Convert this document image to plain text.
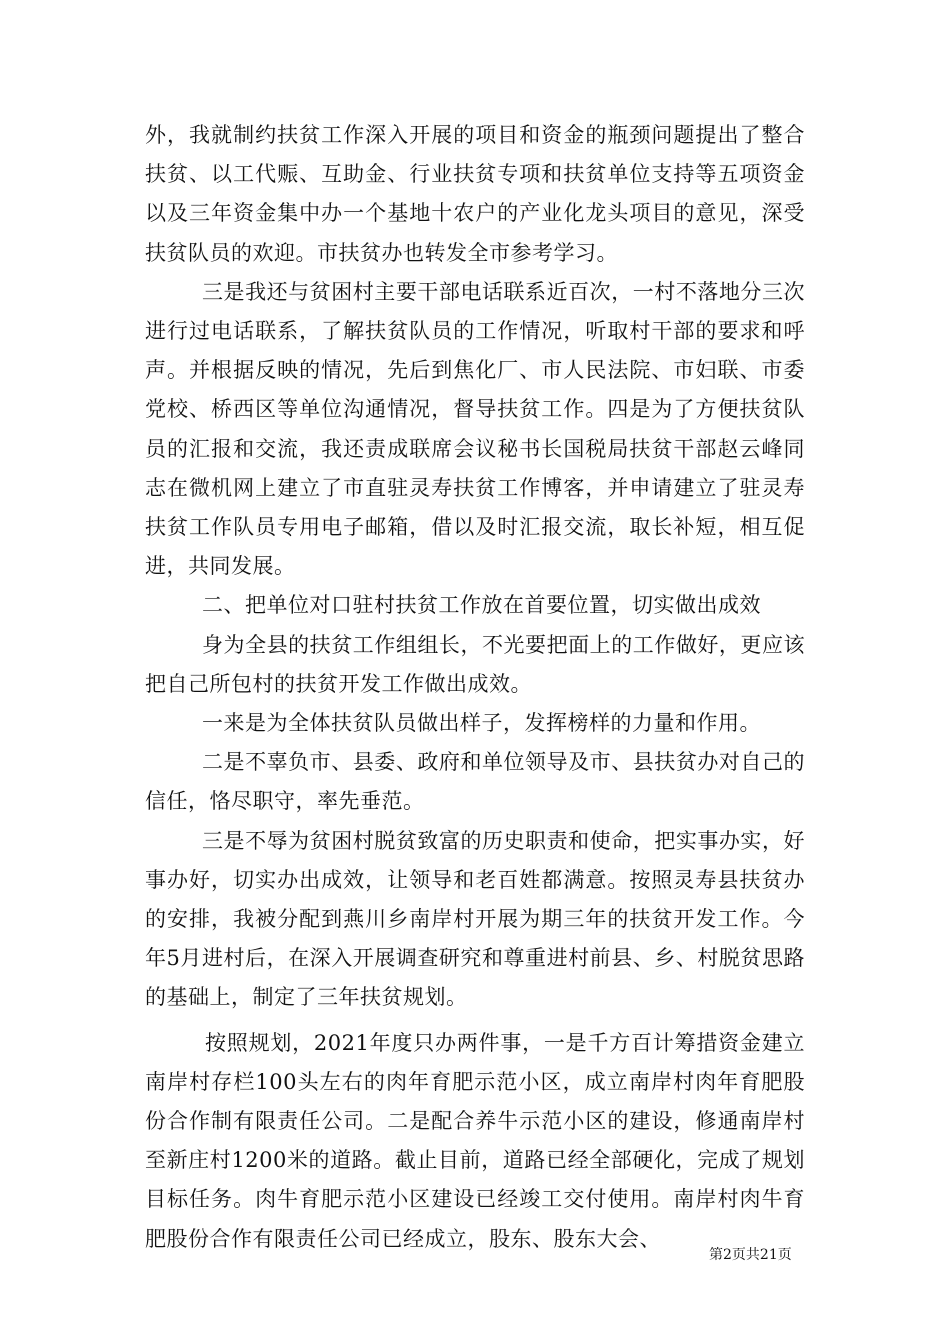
外，我就制约扶贫工作深入开展的项目和资金的瓶颈问题提出了整合扶贫、以工代赈、互助金、行业扶贫专项和扶贫单位支持等五项资金以及三年资金集中办一个基地十农户的产业化龙头项目的意见，深受扶贫队员的欢迎。市扶贫办也转发全市参考学习。

三是我还与贫困村主要干部电话联系近百次，一村不落地分三次进行过电话联系，了解扶贫队员的工作情况，听取村干部的要求和呼声。并根据反映的情况，先后到焦化厂、市人民法院、市妇联、市委党校、桥西区等单位沟通情况，督导扶贫工作。四是为了方便扶贫队员的汇报和交流，我还责成联席会议秘书长国税局扶贫干部赵云峰同志在微机网上建立了市直驻灵寿扶贫工作博客，并申请建立了驻灵寿扶贫工作队员专用电子邮箱，借以及时汇报交流，取长补短，相互促进，共同发展。

二、把单位对口驻村扶贫工作放在首要位置，切实做出成效

身为全县的扶贫工作组组长，不光要把面上的工作做好，更应该把自己所包村的扶贫开发工作做出成效。

一来是为全体扶贫队员做出样子，发挥榜样的力量和作用。

二是不辜负市、县委、政府和单位领导及市、县扶贫办对自己的信任，恪尽职守，率先垂范。

三是不辱为贫困村脱贫致富的历史职责和使命，把实事办实，好事办好，切实办出成效，让领导和老百姓都满意。按照灵寿县扶贫办的安排，我被分配到燕川乡南岸村开展为期三年的扶贫开发工作。今年5月进村后，在深入开展调查研究和尊重进村前县、乡、村脱贫思路的基础上，制定了三年扶贫规划。

按照规划，2021年度只办两件事，一是千方百计筹措资金建立南岸村存栏100头左右的肉年育肥示范小区，成立南岸村肉年育肥股份合作制有限责任公司。二是配合养牛示范小区的建设，修通南岸村至新庄村1200米的道路。截止目前，道路已经全部硬化，完成了规划目标任务。肉牛育肥示范小区建设已经竣工交付使用。南岸村肉牛育肥股份合作有限责任公司已经成立，股东、股东大会、

第2页共21页
